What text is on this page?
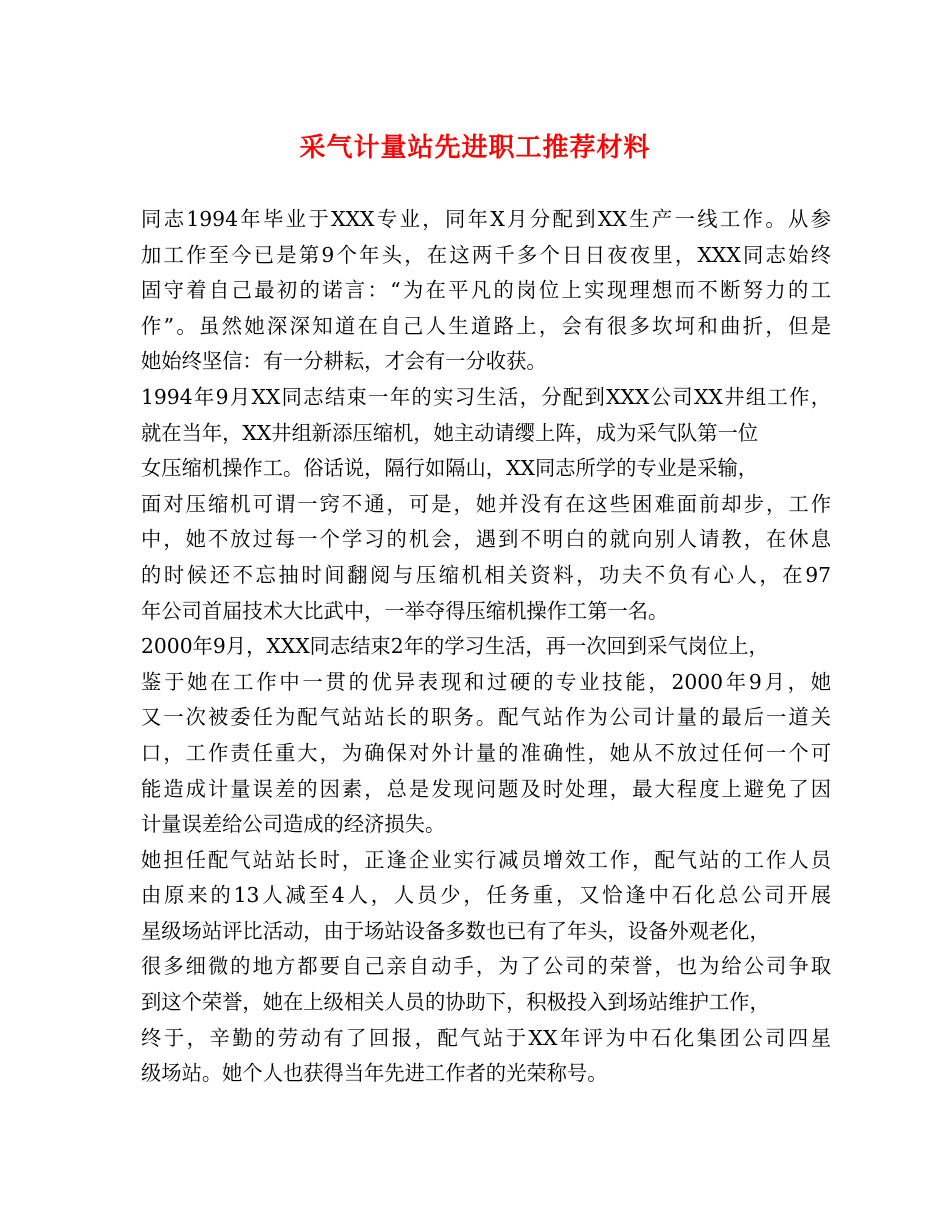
采气计量站先进职工推荐材料
同志1994年毕业于XXX专业，同年X月分配到XX生产一线工作。从参
加工作至今已是第9个年头，在这两千多个日日夜夜里，XXX同志始终
固守着自己最初的诺言：“为在平凡的岗位上实现理想而不断努力的工
作”。虽然她深深知道在自己人生道路上，会有很多坎坷和曲折，但是
她始终坚信：有一分耕耘，才会有一分收获。
1994年9月XX同志结束一年的实习生活，分配到XXX公司XX井组工作，
就在当年，XX井组新添压缩机，她主动请缨上阵，成为采气队第一位
女压缩机操作工。俗话说，隔行如隔山，XX同志所学的专业是采输，
面对压缩机可谓一窍不通，可是，她并没有在这些困难面前却步，工作
中，她不放过每一个学习的机会，遇到不明白的就向别人请教，在休息
的时候还不忘抽时间翻阅与压缩机相关资料，功夫不负有心人，在97
年公司首届技术大比武中，一举夺得压缩机操作工第一名。
2000年9月，XXX同志结束2年的学习生活，再一次回到采气岗位上，
鉴于她在工作中一贯的优异表现和过硬的专业技能，2000年9月，她
又一次被委任为配气站站长的职务。配气站作为公司计量的最后一道关
口，工作责任重大，为确保对外计量的准确性，她从不放过任何一个可
能造成计量误差的因素，总是发现问题及时处理，最大程度上避免了因
计量误差给公司造成的经济损失。
她担任配气站站长时，正逢企业实行减员增效工作，配气站的工作人员
由原来的13人减至4人，人员少，任务重，又恰逢中石化总公司开展
星级场站评比活动，由于场站设备多数也已有了年头，设备外观老化，
很多细微的地方都要自己亲自动手，为了公司的荣誉，也为给公司争取
到这个荣誉，她在上级相关人员的协助下，积极投入到场站维护工作，
终于，辛勤的劳动有了回报，配气站于XX年评为中石化集团公司四星
级场站。她个人也获得当年先进工作者的光荣称号。
